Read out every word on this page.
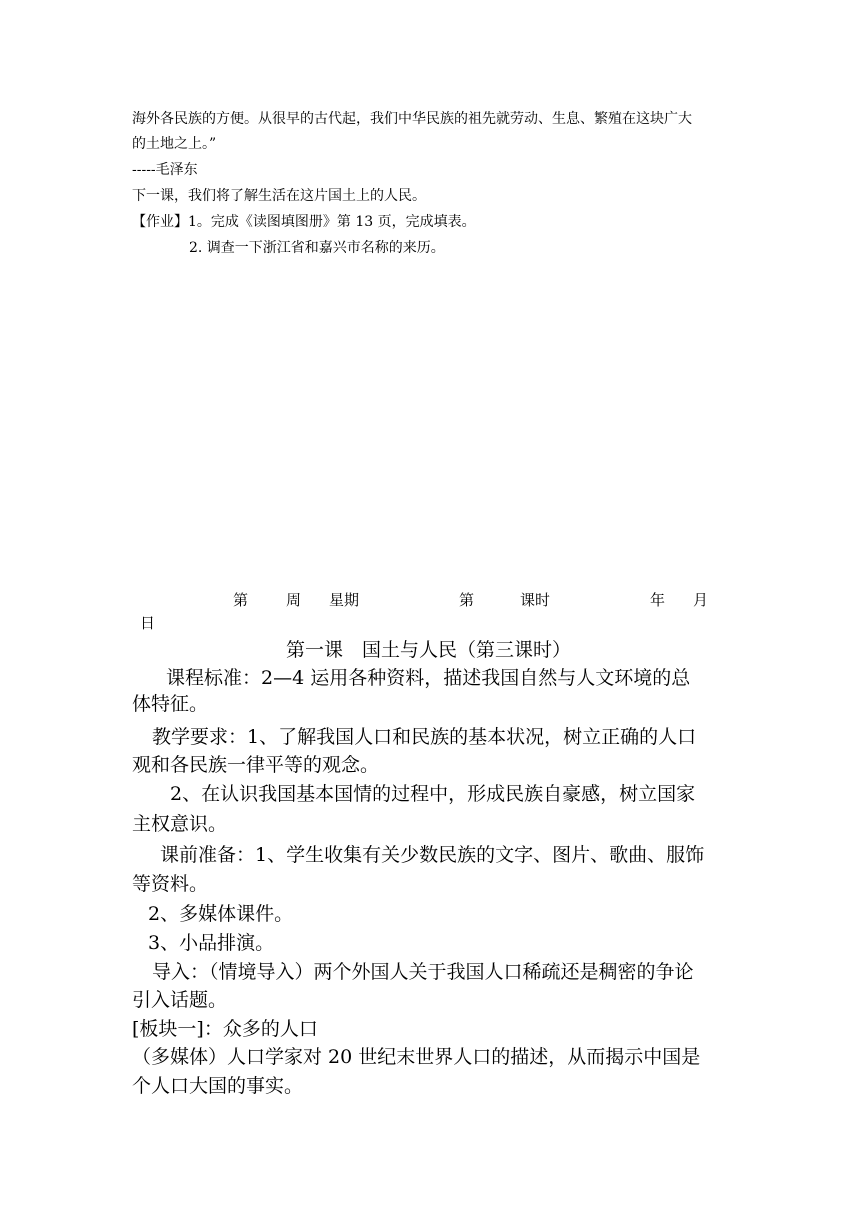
海外各民族的方便。从很早的古代起，我们中华民族的祖先就劳动、生息、繁殖在这块广大
的土地之上。”
-----毛泽东
下一课，我们将了解生活在这片国土上的人民。
【作业】1。完成《读图填图册》第 13 页，完成填表。
2. 调查一下浙江省和嘉兴市名称的来历。
第	周 星期	第	课时	年 月
日
第一课　国土与人民（第三课时）
课程标准：2—4 运用各种资料，描述我国自然与人文环境的总
体特征。
教学要求：1、了解我国人口和民族的基本状况，树立正确的人口
观和各民族一律平等的观念。
2、在认识我国基本国情的过程中，形成民族自豪感，树立国家
主权意识。
课前准备：1、学生收集有关少数民族的文字、图片、歌曲、服饰
等资料。
2、多媒体课件。
3、小品排演。
导入：（情境导入）两个外国人关于我国人口稀疏还是稠密的争论
引入话题。
[板块一]：众多的人口
（多媒体）人口学家对 20 世纪末世界人口的描述，从而揭示中国是
个人口大国的事实。
